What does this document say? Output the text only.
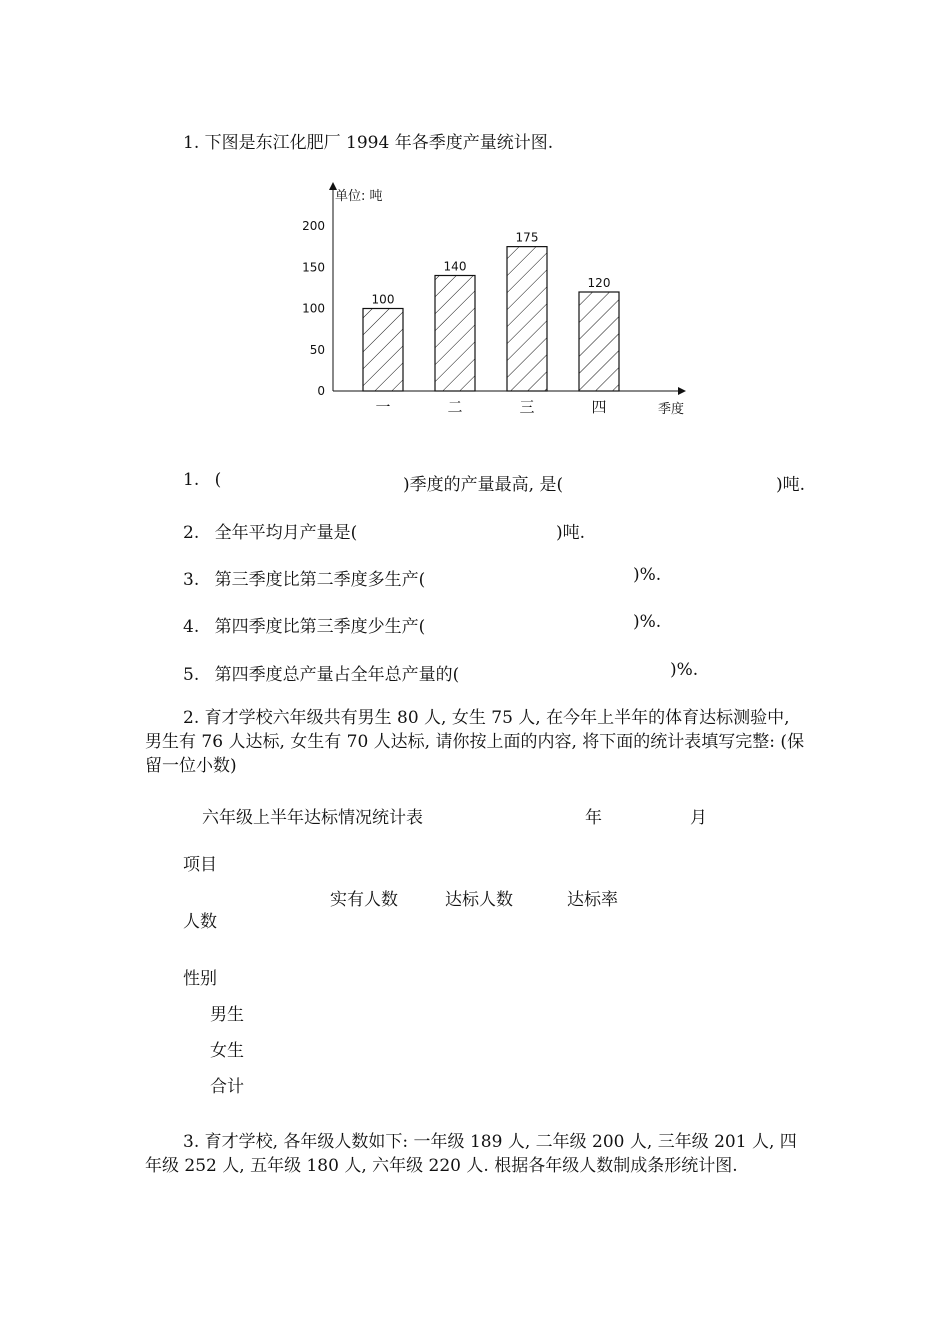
1. 下图是东江化肥厂 1994 年各季度产量统计图.
单位: 吨
0
50
100
150
200
100
一
140
二
175
三
120
四	季度
1. (	)季度的产量最高, 是(	)吨.
2. 全年平均月产量是(	)吨.
3. 第三季度比第二季度多生产(	)%.
4. 第四季度比第三季度少生产(	)%.
5. 第四季度总产量占全年总产量的(	)%.
2. 育才学校六年级共有男生 80 人, 女生 75 人, 在今年上半年的体育达标测验中, 男生有 76 人达标, 女生有 70 人达标, 请你按上面的内容, 将下面的统计表填写完整: (保留一位小数)
六年级上半年达标情况统计表	年	月
项目
实有人数	达标人数	达标率
人数
性别
男生
女生
合计
3. 育才学校, 各年级人数如下: 一年级 189 人, 二年级 200 人, 三年级 201 人, 四年级 252 人, 五年级 180 人, 六年级 220 人. 根据各年级人数制成条形统计图.
